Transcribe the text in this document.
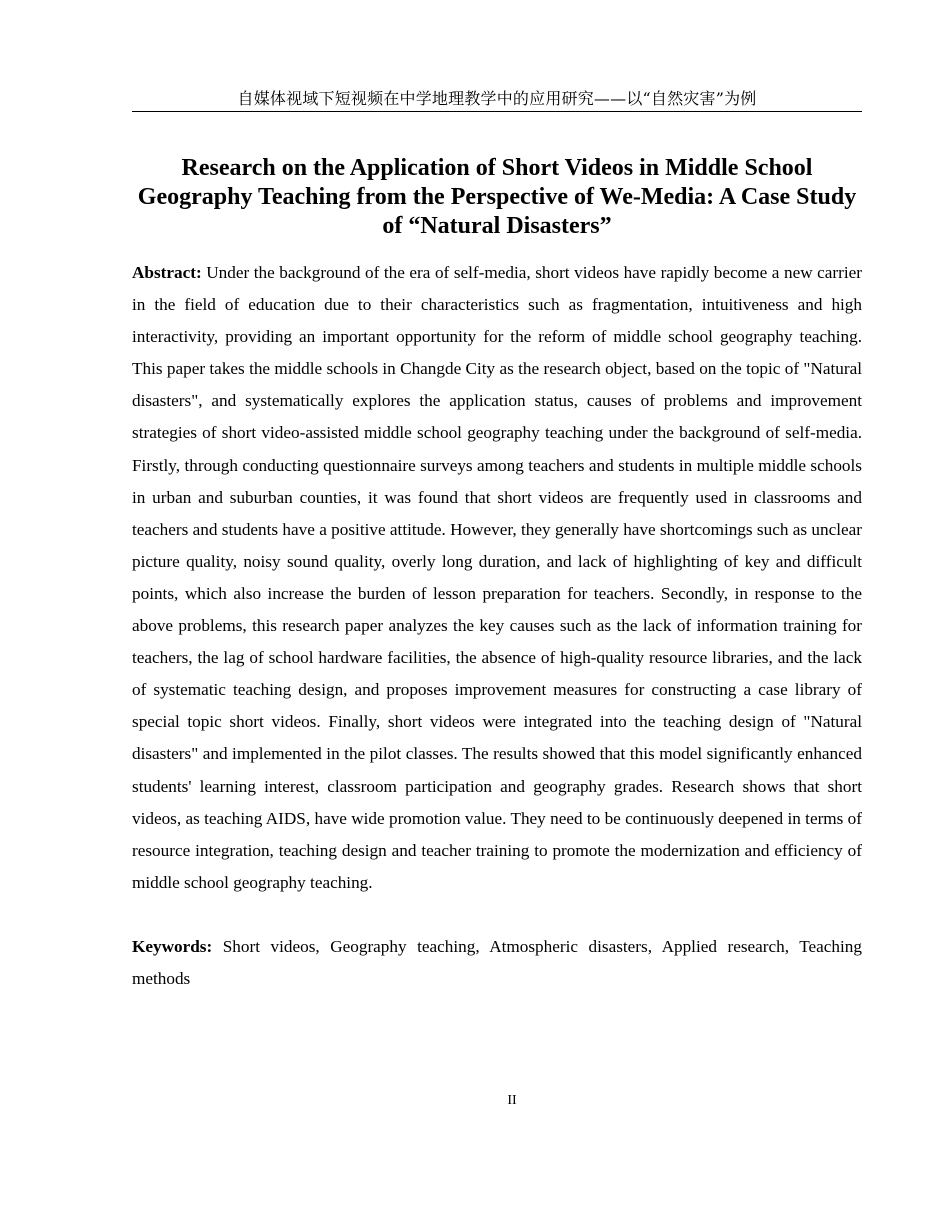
自媒体视域下短视频在中学地理教学中的应用研究——以“自然灾害”为例
Research on the Application of Short Videos in Middle School Geography Teaching from the Perspective of We-Media: A Case Study of “Natural Disasters”

Abstract: Under the background of the era of self-media, short videos have rapidly become a new carrier in the field of education due to their characteristics such as fragmentation, intuitiveness and high interactivity, providing an important opportunity for the reform of middle school geography teaching. This paper takes the middle schools in Changde City as the research object, based on the topic of "Natural disasters", and systematically explores the application status, causes of problems and improvement strategies of short video-assisted middle school geography teaching under the background of self-media. Firstly, through conducting questionnaire surveys among teachers and students in multiple middle schools in urban and suburban counties, it was found that short videos are frequently used in classrooms and teachers and students have a positive attitude. However, they generally have shortcomings such as unclear picture quality, noisy sound quality, overly long duration, and lack of highlighting of key and difficult points, which also increase the burden of lesson preparation for teachers. Secondly, in response to the above problems, this research paper analyzes the key causes such as the lack of information training for teachers, the lag of school hardware facilities, the absence of high-quality resource libraries, and the lack of systematic teaching design, and proposes improvement measures for constructing a case library of special topic short videos. Finally, short videos were integrated into the teaching design of "Natural disasters" and implemented in the pilot classes. The results showed that this model significantly enhanced students' learning interest, classroom participation and geography grades. Research shows that short videos, as teaching AIDS, have wide promotion value. They need to be continuously deepened in terms of resource integration, teaching design and teacher training to promote the modernization and efficiency of middle school geography teaching.

Keywords: Short videos, Geography teaching, Atmospheric disasters, Applied research, Teaching methods

II
